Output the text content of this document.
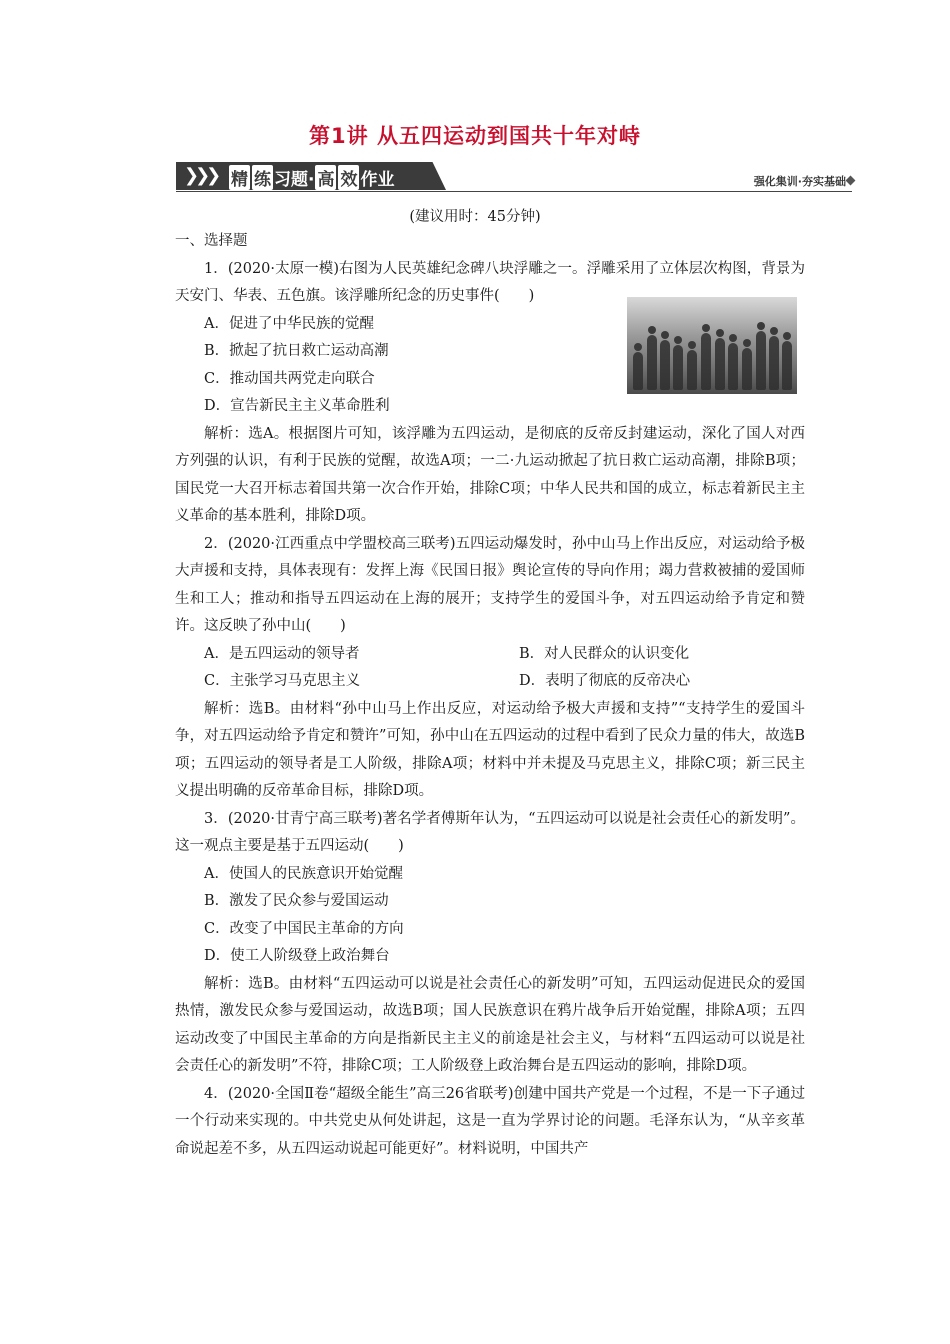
第1讲 从五四运动到国共十年对峙
❯❯❯ 精 练 习题· 高 效 作业	强化集训·夯实基础
(建议用时：45分钟)

一、选择题

1．(2020·太原一模)右图为人民英雄纪念碑八块浮雕之一。浮雕采用了立体层次构图，背景为天安门、华表、五色旗。该浮雕所纪念的历史事件(　　)

A．促进了中华民族的觉醒

B．掀起了抗日救亡运动高潮

C．推动国共两党走向联合

D．宣告新民主主义革命胜利

解析：选A。根据图片可知，该浮雕为五四运动，是彻底的反帝反封建运动，深化了国人对西方列强的认识，有利于民族的觉醒，故选A项；一二·九运动掀起了抗日救亡运动高潮，排除B项；国民党一大召开标志着国共第一次合作开始，排除C项；中华人民共和国的成立，标志着新民主主义革命的基本胜利，排除D项。

2．(2020·江西重点中学盟校高三联考)五四运动爆发时，孙中山马上作出反应，对运动给予极大声援和支持，具体表现有：发挥上海《民国日报》舆论宣传的导向作用；竭力营救被捕的爱国师生和工人；推动和指导五四运动在上海的展开；支持学生的爱国斗争，对五四运动给予肯定和赞许。这反映了孙中山(　　)

A．是五四运动的领导者	B．对人民群众的认识变化
C．主张学习马克思主义	D．表明了彻底的反帝决心

解析：选B。由材料“孙中山马上作出反应，对运动给予极大声援和支持”“支持学生的爱国斗争，对五四运动给予肯定和赞许”可知，孙中山在五四运动的过程中看到了民众力量的伟大，故选B项；五四运动的领导者是工人阶级，排除A项；材料中并未提及马克思主义，排除C项；新三民主义提出明确的反帝革命目标，排除D项。

3．(2020·甘青宁高三联考)著名学者傅斯年认为，“五四运动可以说是社会责任心的新发明”。这一观点主要是基于五四运动(　　)

A．使国人的民族意识开始觉醒

B．激发了民众参与爱国运动

C．改变了中国民主革命的方向

D．使工人阶级登上政治舞台

解析：选B。由材料“五四运动可以说是社会责任心的新发明”可知，五四运动促进民众的爱国热情，激发民众参与爱国运动，故选B项；国人民族意识在鸦片战争后开始觉醒，排除A项；五四运动改变了中国民主革命的方向是指新民主主义的前途是社会主义，与材料“五四运动可以说是社会责任心的新发明”不符，排除C项；工人阶级登上政治舞台是五四运动的影响，排除D项。

4．(2020·全国Ⅱ卷“超级全能生”高三26省联考)创建中国共产党是一个过程，不是一下子通过一个行动来实现的。中共党史从何处讲起，这是一直为学界讨论的问题。毛泽东认为，“从辛亥革命说起差不多，从五四运动说起可能更好”。材料说明，中国共产
